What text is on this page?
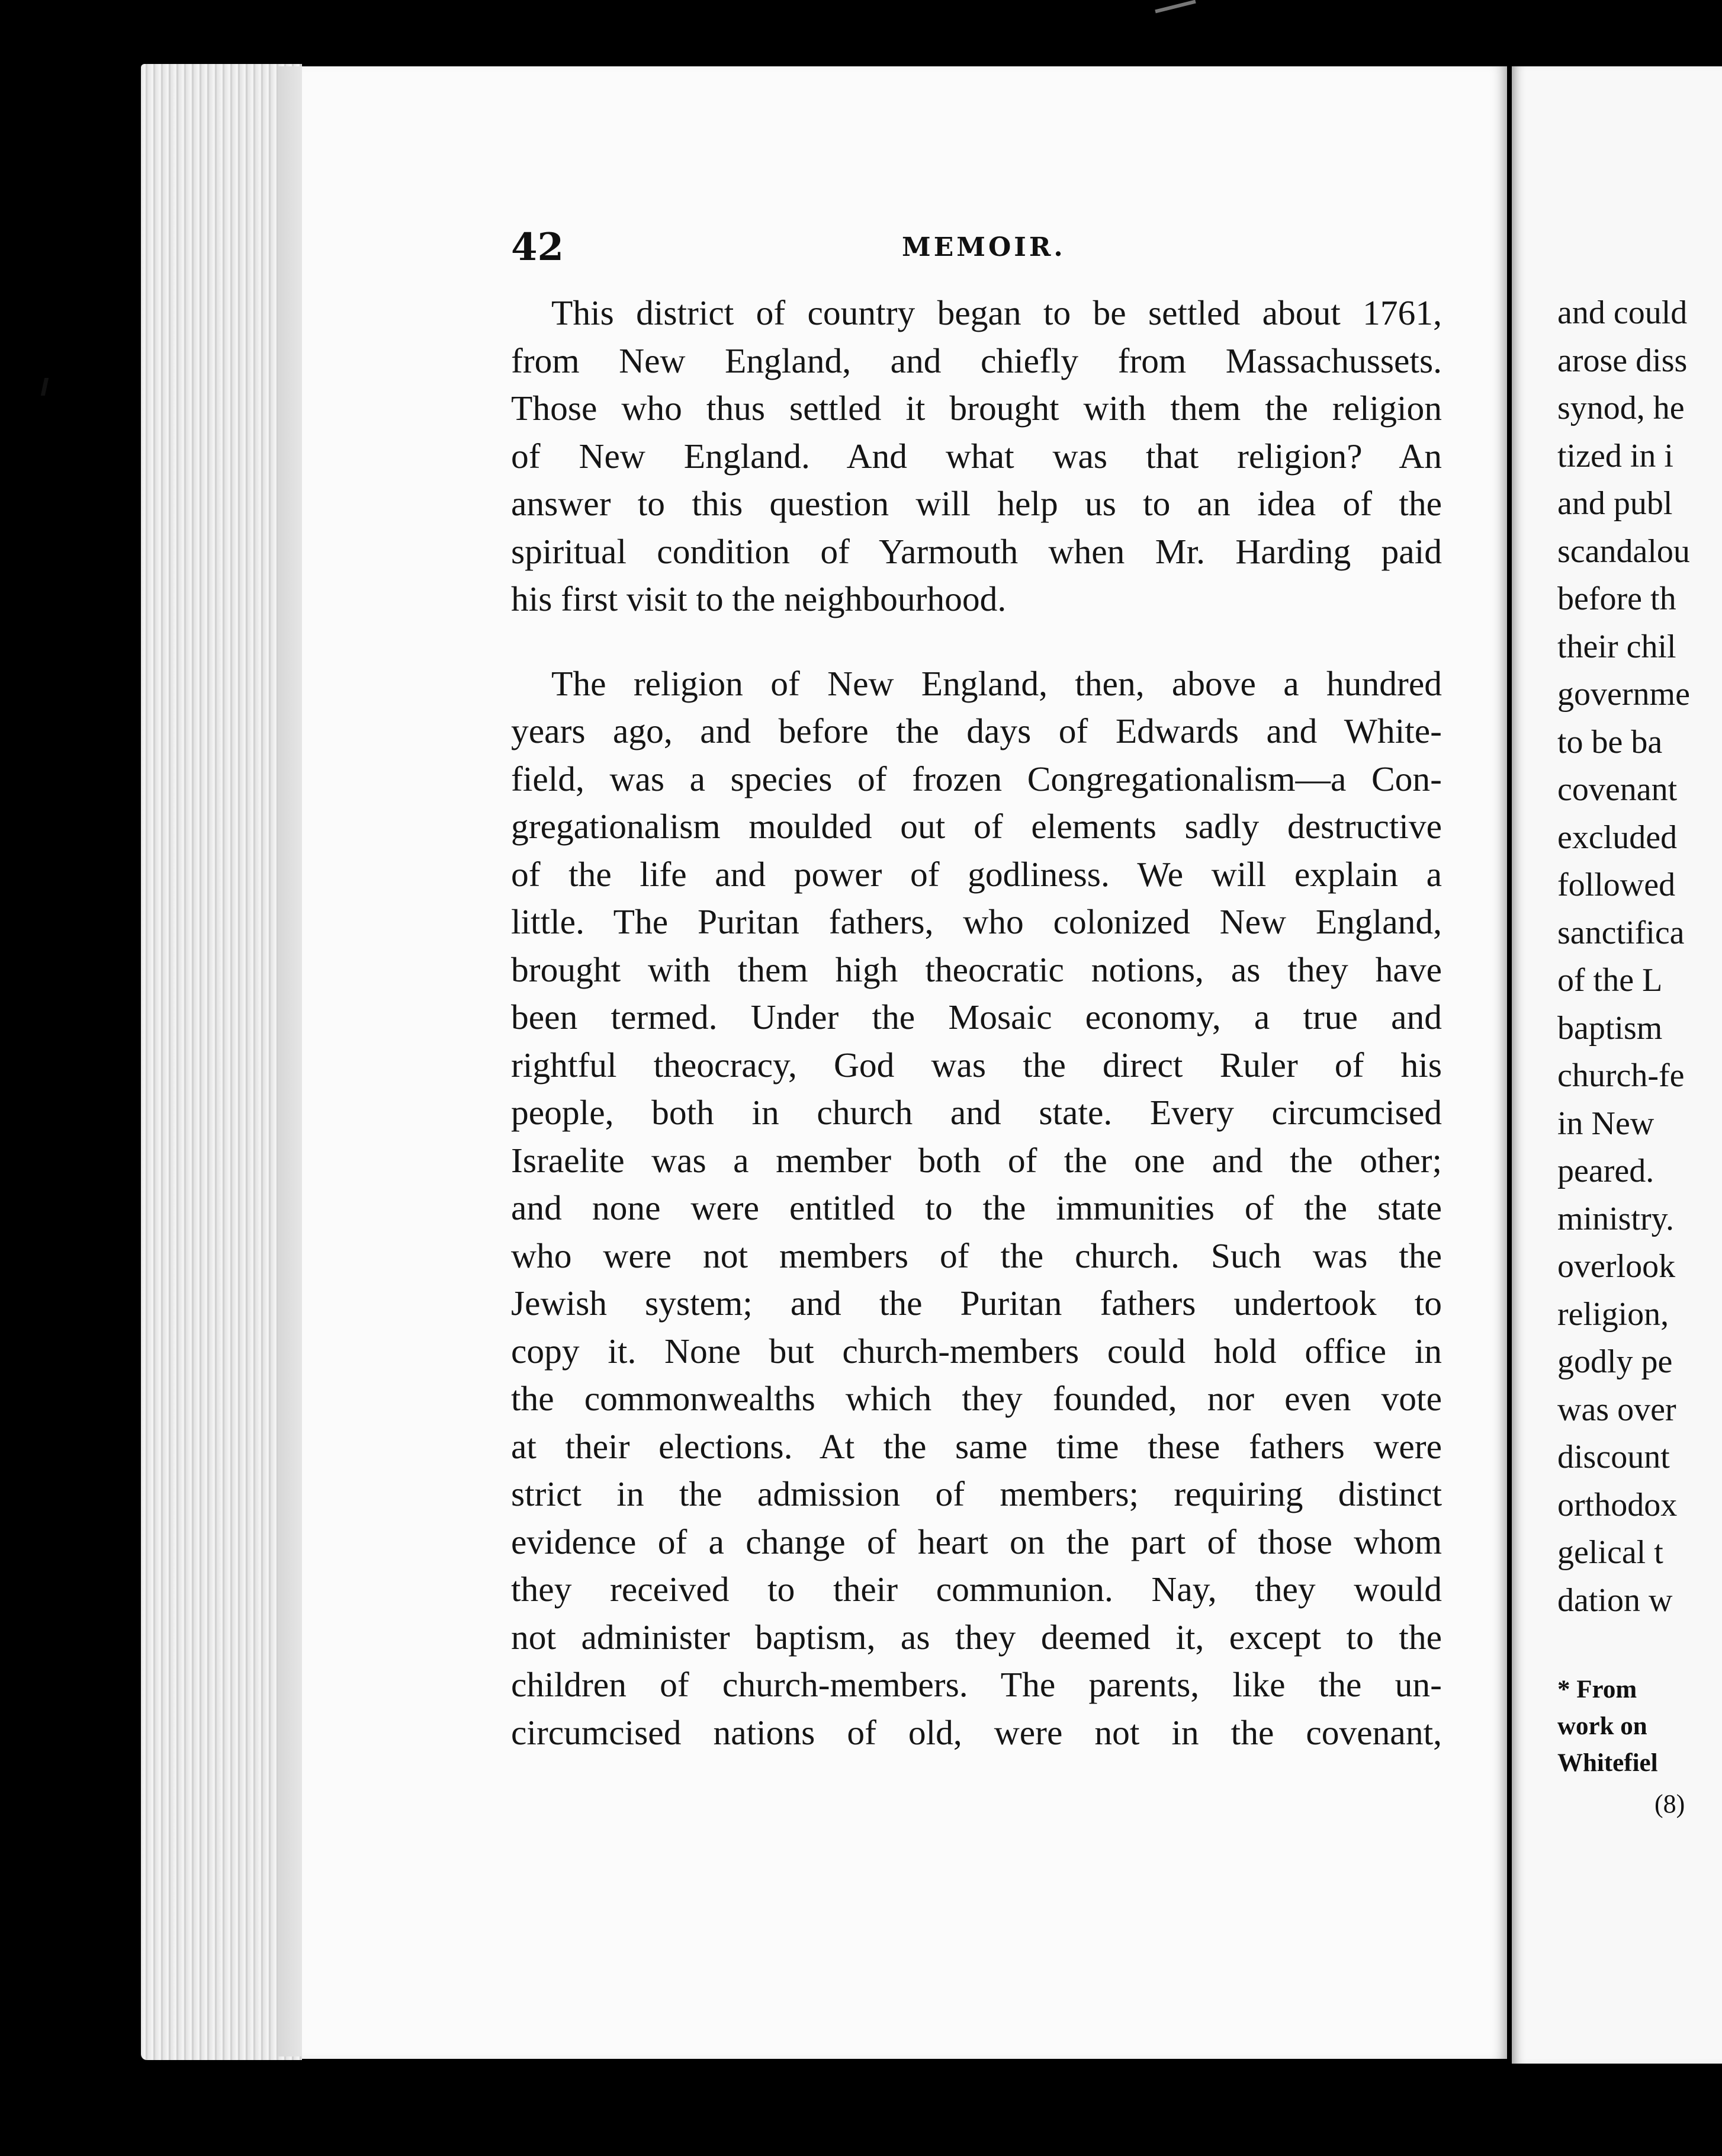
42	MEMOIR.
This district of country began to be settled about 1761,
from New England, and chiefly from Massachussets.
Those who thus settled it brought with them the religion
of New England. And what was that religion? An
answer to this question will help us to an idea of the
spiritual condition of Yarmouth when Mr. Harding paid
his first visit to the neighbourhood.
The religion of New England, then, above a hundred
years ago, and before the days of Edwards and White-
field, was a species of frozen Congregationalism—a Con-
gregationalism moulded out of elements sadly destructive
of the life and power of godliness. We will explain a
little. The Puritan fathers, who colonized New England,
brought with them high theocratic notions, as they have
been termed. Under the Mosaic economy, a true and
rightful theocracy, God was the direct Ruler of his
people, both in church and state. Every circumcised
Israelite was a member both of the one and the other;
and none were entitled to the immunities of the state
who were not members of the church. Such was the
Jewish system; and the Puritan fathers undertook to
copy it. None but church-members could hold office in
the commonwealths which they founded, nor even vote
at their elections. At the same time these fathers were
strict in the admission of members; requiring distinct
evidence of a change of heart on the part of those whom
they received to their communion. Nay, they would
not administer baptism, as they deemed it, except to the
children of church-members. The parents, like the un-
circumcised nations of old, were not in the covenant,
and could
arose diss
synod, he
tized in i
and publ
scandalou
before th
their chil
governme
to be ba
covenant
excluded
followed
sanctifica
of the L
baptism
church-fe
in New
peared.
ministry.
overlook
religion,
godly pe
was over
discount
orthodox
gelical t
dation w
* From
work on
Whitefiel
(8)
